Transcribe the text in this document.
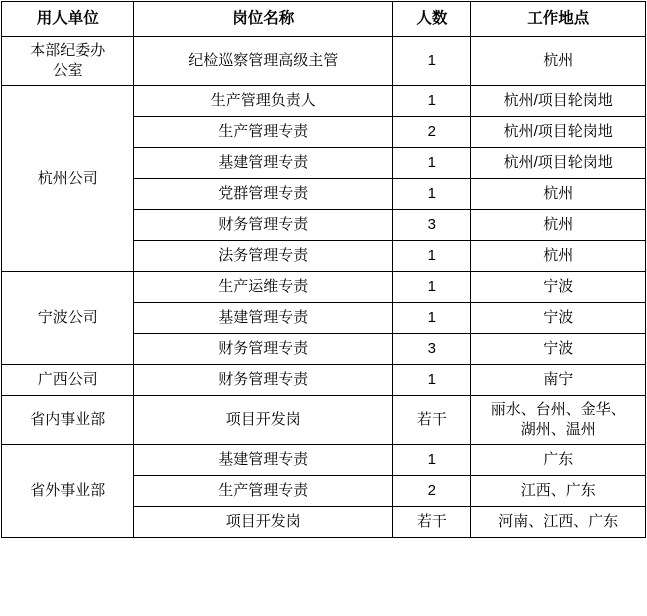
用人单位	岗位名称	人数	工作地点

本部纪委办
公室	纪检巡察管理高级主管	1	杭州

杭州公司	生产管理负责人	1	杭州/项目轮岗地

	生产管理专责	2	杭州/项目轮岗地

	基建管理专责	1	杭州/项目轮岗地

	党群管理专责	1	杭州

	财务管理专责	3	杭州

	法务管理专责	1	杭州

宁波公司	生产运维专责	1	宁波

	基建管理专责	1	宁波

	财务管理专责	3	宁波

广西公司	财务管理专责	1	南宁

省内事业部	项目开发岗	若干	丽水、台州、金华、
湖州、温州

省外事业部	基建管理专责	1	广东

	生产管理专责	2	江西、广东

	项目开发岗	若干	河南、江西、广东
